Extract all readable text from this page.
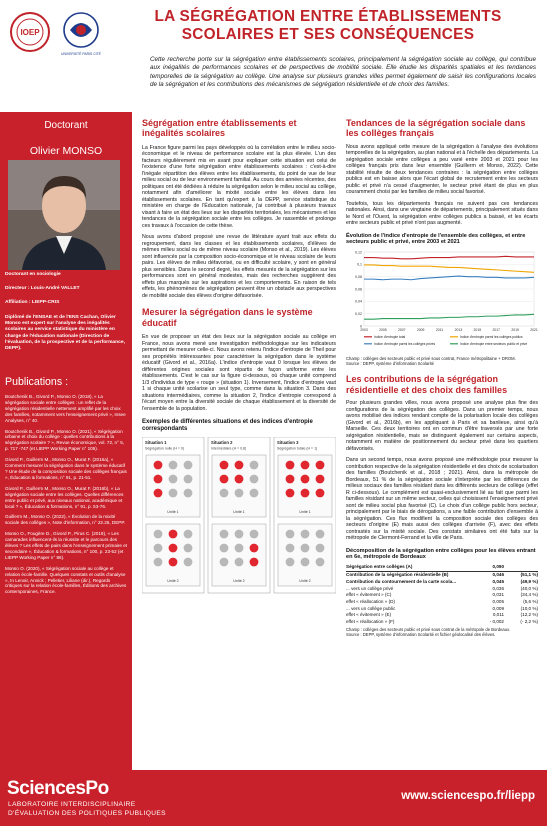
IOEP
UNIVERSITÉ PARIS CITÉ
LA SÉGRÉGATION ENTRE ÉTABLISSEMENTS SCOLAIRES ET SES CONSÉQUENCES
Cette recherche porte sur la ségrégation entre établissements scolaires, principalement la ségrégation sociale au collège, qui contribue aux inégalités de performances scolaires et de perspectives de mobilité sociale. Elle étudie les disparités spatiales et les tendances temporelles de la ségrégation au collège. Une analyse sur plusieurs grandes villes permet également de saisir les configurations locales de la ségrégation et les contributions des mécanismes de ségrégation résidentielle et de choix des familles.
Doctorant
Olivier MONSO
Doctorant en sociologie
Directeur : Louis-André VALLET
Affiliation : LIEPP-CRIS
Diplômé de l'ENSAE et de l'ENS Cachan, Olivier Monso est expert sur l'analyse des inégalités scolaires au service statistique du ministère en charge de l'éducation nationale (Direction de l'évaluation, de la prospective et de la performance, DEPP).
Publications :
Boutchenik B., Givord P., Monso O. (2018), « La ségrégation sociale entre collèges : un reflet de la ségrégation résidentielle nettement amplifié par les choix des familles, notamment vers l'enseignement privé », Insee Analyses, n° 40.
Boutchenik B., Givord P., Monso O. (2021), « Ségrégation urbaine et choix du collège : quelles contributions à la ségrégation scolaire ? », Revue économique, vol. 72, n° 5, p. 717 -747 (et LIEPP Working Paper n° 105).
Givord P., Guillerm M., Monso O., Murat F. (2016a), « Comment mesurer la ségrégation dans le système éducatif ? Une étude de la composition sociale des collèges français », Éducation & formations, n° 91, p. 21-51.
Givord P., Guillerm M., Monso O., Murat F. (2016b), « La ségrégation sociale entre les collèges. Quelles différences entre public et privé, aux niveaux national, académique et local ? », Éducation & formations, n° 91, p. 53-76.
Guillerm M., Monso O. (2022), « Évolution de la mixité sociale des collèges », Note d'information, n° 22.25, DEPP.
Monso O., Fougère D., Givord P., Pirus C. (2019), « Les camarades influencent-ils la réussite et le parcours des élèves ? Les effets de pairs dans l'enseignement primaire et secondaire », Éducation & formations, n° 100, p. 23-52 (et LIEPP Working Paper n° 86).
Monso O. (2020), « Ségrégation sociale au collège et relation école-famille. Quelques constats et outils d'analyse », In Lenoir, Annick ; Pelletier, Liliane (dir.), Regards critiques sur la relation école-familles, Éditions des archives contemporaines, France.
Ségrégation entre établissements et inégalités scolaires
La France figure parmi les pays développés où la corrélation entre le milieu socio-économique et le niveau de performance scolaire est la plus élevée. L'un des facteurs régulièrement mis en avant pour expliquer cette situation est celui de l'existence d'une forte ségrégation entre établissements scolaires : c'est-à-dire l'inégale répartition des élèves entre les établissements, du point de vue de leur milieu social ou de leur environnement familial. Au cours des années récentes, des politiques ont été dédiées à réduire la ségrégation selon le milieu social au collège, notamment afin d'améliorer la mixité sociale entre les élèves dans les établissements scolaires. En tant qu'expert à la DEPP, service statistique du ministère en charge de l'Éducation nationale, j'ai contribué à plusieurs travaux visant à faire un état des lieux sur les disparités territoriales, les mécanismes et les tendances de la ségrégation sociale entre les collèges. Je rassemble et prolonge ces travaux à l'occasion de cette thèse.
Nous avons d'abord proposé une revue de littérature ayant trait aux effets du regroupement, dans les classes et les établissements scolaires, d'élèves de mêmes milieu social ou de même niveau scolaire (Monso et al., 2019). Les élèves sont influencés par la composition socio-économique et le niveau scolaire de leurs pairs. Les élèves de milieu défavorisé, ou en difficulté scolaire, y sont en général plus sensibles. Dans le second degré, les effets mesurés de la ségrégation sur les performances sont en général modestes, mais des recherches suggèrent des effets plus marqués sur les aspirations et les comportements. En raison de tels effets, les phénomènes de ségrégation peuvent être un obstacle aux perspectives de mobilité sociale des élèves d'origine défavorisée.
Mesurer la ségrégation dans le système éducatif
En vue de proposer un état des lieux sur la ségrégation sociale au collège en France, nous avons mené une investigation méthodologique sur les indicateurs permettant de mesurer celle-ci. Nous avons retenu l'indice d'entropie de Theil pour ses propriétés intéressantes pour caractériser la ségrégation dans le système éducatif (Givord et al., 2016a). L'indice d'entropie vaut 0 lorsque les élèves de différentes origines sociales sont répartis de façon uniforme entre les établissements. C'est le cas sur la figure ci-dessous, où chaque unité comprend 1/3 d'individus de type « rouge » (situation 1). Inversement, l'indice d'entropie vaut 1 si chaque unité scolarise un seul type, comme dans la situation 3. Dans des situations intermédiaires, comme la situation 2, l'indice d'entropie correspond à l'écart moyen entre la diversité sociale de chaque établissement et la diversité de l'ensemble de la population.
Exemples de différentes situations et des indices d'entropie correspondants
Situation 1
Ségrégation nulle (H = 0)
Unité 1
Unité 2
Situation 2
Intermédiaire (H = 0,8)
Unité 1
Unité 2
Situation 3
Ségrégation totale (H = 1)
Unité 1
Unité 2
Tendances de la ségrégation sociale dans les collèges français
Nous avons appliqué cette mesure de la ségrégation à l'analyse des évolutions temporelles de la ségrégation, au plan national et à l'échelle des départements. La ségrégation sociale entre collèges a peu varié entre 2003 et 2021 pour les collèges français pris dans leur ensemble (Guillerm et Monso, 2022). Cette stabilité résulte de deux tendances contraires : la ségrégation entre collèges publics est en baisse alors que l'écart global de recrutement entre les secteurs public et privé n'a cessé d'augmenter, le secteur privé étant de plus en plus couramment choisi par les familles de milieu social favorisé.
Toutefois, tous les départements français ne suivent pas ces tendances nationales. Ainsi, dans une vingtaine de départements, principalement situés dans le Nord et l'Ouest, la ségrégation entre collèges publics a baissé, et les écarts entre secteurs public et privé n'ont pas augmenté.
Évolution de l'indice d'entropie de l'ensemble des collèges, et entre secteurs public et privé, entre 2003 et 2021
0
0,02
0,04
0,06
0,08
0,1
0,12
2003	2005	2007	2009	2011	2013	2015	2017	2019	2021
Indice d'entropie total	Indice d'entropie parmi les collèges publics
Indice d'entropie parmi les collèges privés	Indice d'entropie entre secteurs public et privé
Champ : collèges des secteurs public et privé sous contrat, France métropolitaine + DROM.
Source : DEPP, système d'information Scolarité
Les contributions de la ségrégation résidentielle et des choix des familles
Pour plusieurs grandes villes, nous avons proposé une analyse plus fine des configurations de la ségrégation des collèges. Dans un premier temps, nous avons mobilisé des indices rendant compte de la polarisation locale des collèges (Givord et al., 2016b), en les appliquant à Paris et sa banlieue, ainsi qu'à Marseille. Ces deux territoires ont en commun d'être traversés par une forte ségrégation résidentielle, mais se distinguent également sur certains aspects, notamment en matière de positionnement du secteur privé dans les quartiers défavorisés.
Dans un second temps, nous avons proposé une méthodologie pour mesurer la contribution respective de la ségrégation résidentielle et des choix de scolarisation des familles (Boutchenik et al., 2018 ; 2021). Ainsi, dans la métropole de Bordeaux, 51 % de la ségrégation sociale s'interprète par les différences de milieux sociaux des familles résidant dans les différents secteurs de collège (effet R ci-dessous). Le complément est quasi-exclusivement lié au fait que parmi les familles résidant sur un même secteur, celles qui choisissent l'enseignement privé sont de milieu social plus favorisé (C). Le choix d'un collège public hors secteur, principalement par le biais de dérogations, a une faible contribution d'ensemble à la ségrégation. Ces flux modifient la composition sociale des collèges des secteurs d'origine (E) mais aussi des collèges d'arrivée (F), avec des effets contrastés sur la mixité sociale. Des constats similaires ont été faits sur la métropole de Clermont-Ferrand et la ville de Paris.
Décomposition de la ségrégation entre collèges pour les élèves entrant en 6e, métropole de Bordeaux
Ségrégation entre collèges (A)	0,090	
Contribution de la ségrégation résidentielle (B)	0,046	(51,1 %)
Contribution du contournement de la carte scola...	0,045	(49,9 %)
... vers un collège privé	0,036	(40,0 %)
effet « évitement » (C)	0,031	(34,4 %)
effet « réallocation » (D)	0,005	(5,6 %)
... vers un collège public	0,009	(10,0 %)
effet « évitement » (E)	0,011	(12,2 %)
effet « réallocation » (F)	- 0,002	(- 2,2 %)
Champ : collèges des secteurs public et privé sous contrat de la métropole de Bordeaux.
Source : DEPP, système d'information Scolarité et fichier géolocalisé des élèves.
SciencesPo
LABORATOIRE INTERDISCIPLINAIRE
D'ÉVALUATION DES POLITIQUES PUBLIQUES
www.sciencespo.fr/liepp
